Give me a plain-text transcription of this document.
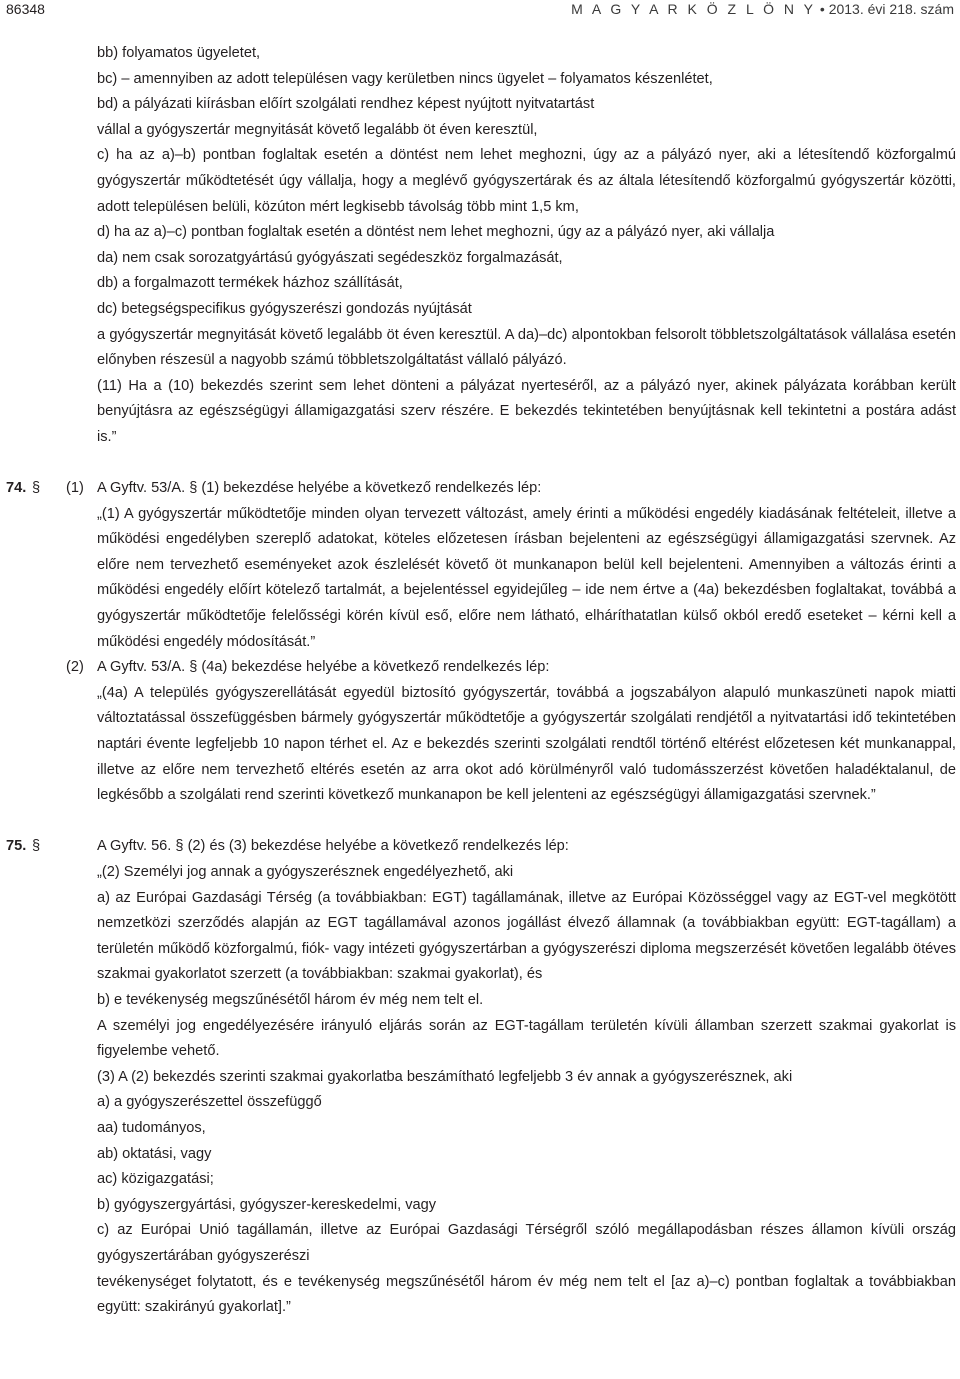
86348	M A G Y A R K Ö Z L Ö N Y • 2013. évi 218. szám
bb) folyamatos ügyeletet,
bc) – amennyiben az adott településen vagy kerületben nincs ügyelet – folyamatos készenlétet,
bd) a pályázati kiírásban előírt szolgálati rendhez képest nyújtott nyitvatartást
vállal a gyógyszertár megnyitását követő legalább öt éven keresztül,
c) ha az a)–b) pontban foglaltak esetén a döntést nem lehet meghozni, úgy az a pályázó nyer, aki a létesítendő közforgalmú gyógyszertár működtetését úgy vállalja, hogy a meglévő gyógyszertárak és az általa létesítendő közforgalmú gyógyszertár közötti, adott településen belüli, közúton mért legkisebb távolság több mint 1,5 km,
d) ha az a)–c) pontban foglaltak esetén a döntést nem lehet meghozni, úgy az a pályázó nyer, aki vállalja
da) nem csak sorozatgyártású gyógyászati segédeszköz forgalmazását,
db) a forgalmazott termékek házhoz szállítását,
dc) betegségspecifikus gyógyszerészi gondozás nyújtását
a gyógyszertár megnyitását követő legalább öt éven keresztül. A da)–dc) alpontokban felsorolt többletszolgáltatások vállalása esetén előnyben részesül a nagyobb számú többletszolgáltatást vállaló pályázó.
(11) Ha a (10) bekezdés szerint sem lehet dönteni a pályázat nyerteséről, az a pályázó nyer, akinek pályázata korábban került benyújtásra az egészségügyi államigazgatási szerv részére. E bekezdés tekintetében benyújtásnak kell tekintetni a postára adást is.”
74. § (1) A Gyftv. 53/A. § (1) bekezdése helyébe a következő rendelkezés lép:
„(1) A gyógyszertár működtetője minden olyan tervezett változást, amely érinti a működési engedély kiadásának feltételeit, illetve a működési engedélyben szereplő adatokat, köteles előzetesen írásban bejelenteni az egészségügyi államigazgatási szervnek. Az előre nem tervezhető eseményeket azok észlelését követő öt munkanapon belül kell bejelenteni. Amennyiben a változás érinti a működési engedély előírt kötelező tartalmát, a bejelentéssel egyidejűleg – ide nem értve a (4a) bekezdésben foglaltakat, továbbá a gyógyszertár működtetője felelősségi körén kívül eső, előre nem látható, elháríthatatlan külső okból eredő eseteket – kérni kell a működési engedély módosítását.”
(2) A Gyftv. 53/A. § (4a) bekezdése helyébe a következő rendelkezés lép:
„(4a) A település gyógyszerellátását egyedül biztosító gyógyszertár, továbbá a jogszabályon alapuló munkaszüneti napok miatti változtatással összefüggésben bármely gyógyszertár működtetője a gyógyszertár szolgálati rendjétől a nyitvatartási idő tekintetében naptári évente legfeljebb 10 napon térhet el. Az e bekezdés szerinti szolgálati rendtől történő eltérést előzetesen két munkanappal, illetve az előre nem tervezhető eltérés esetén az arra okot adó körülményről való tudomásszerzést követően haladéktalanul, de legkésőbb a szolgálati rend szerinti következő munkanapon be kell jelenteni az egészségügyi államigazgatási szervnek.”
75. §	A Gyftv. 56. § (2) és (3) bekezdése helyébe a következő rendelkezés lép:
„(2) Személyi jog annak a gyógyszerésznek engedélyezhető, aki
a) az Európai Gazdasági Térség (a továbbiakban: EGT) tagállamának, illetve az Európai Közösséggel vagy az EGT-vel megkötött nemzetközi szerződés alapján az EGT tagállamával azonos jogállást élvező államnak (a továbbiakban együtt: EGT-tagállam) a területén működő közforgalmú, fiók- vagy intézeti gyógyszertárban a gyógyszerészi diploma megszerzését követően legalább ötéves szakmai gyakorlatot szerzett (a továbbiakban: szakmai gyakorlat), és
b) e tevékenység megszűnésétől három év még nem telt el.
A személyi jog engedélyezésére irányuló eljárás során az EGT-tagállam területén kívüli államban szerzett szakmai gyakorlat is figyelembe vehető.
(3) A (2) bekezdés szerinti szakmai gyakorlatba beszámítható legfeljebb 3 év annak a gyógyszerésznek, aki
a) a gyógyszerészettel összefüggő
aa) tudományos,
ab) oktatási, vagy
ac) közigazgatási;
b) gyógyszergyártási, gyógyszer-kereskedelmi, vagy
c) az Európai Unió tagállamán, illetve az Európai Gazdasági Térségről szóló megállapodásban részes államon kívüli ország gyógyszertárában gyógyszerészi
tevékenységet folytatott, és e tevékenység megszűnésétől három év még nem telt el [az a)–c) pontban foglaltak a továbbiakban együtt: szakirányú gyakorlat].”
